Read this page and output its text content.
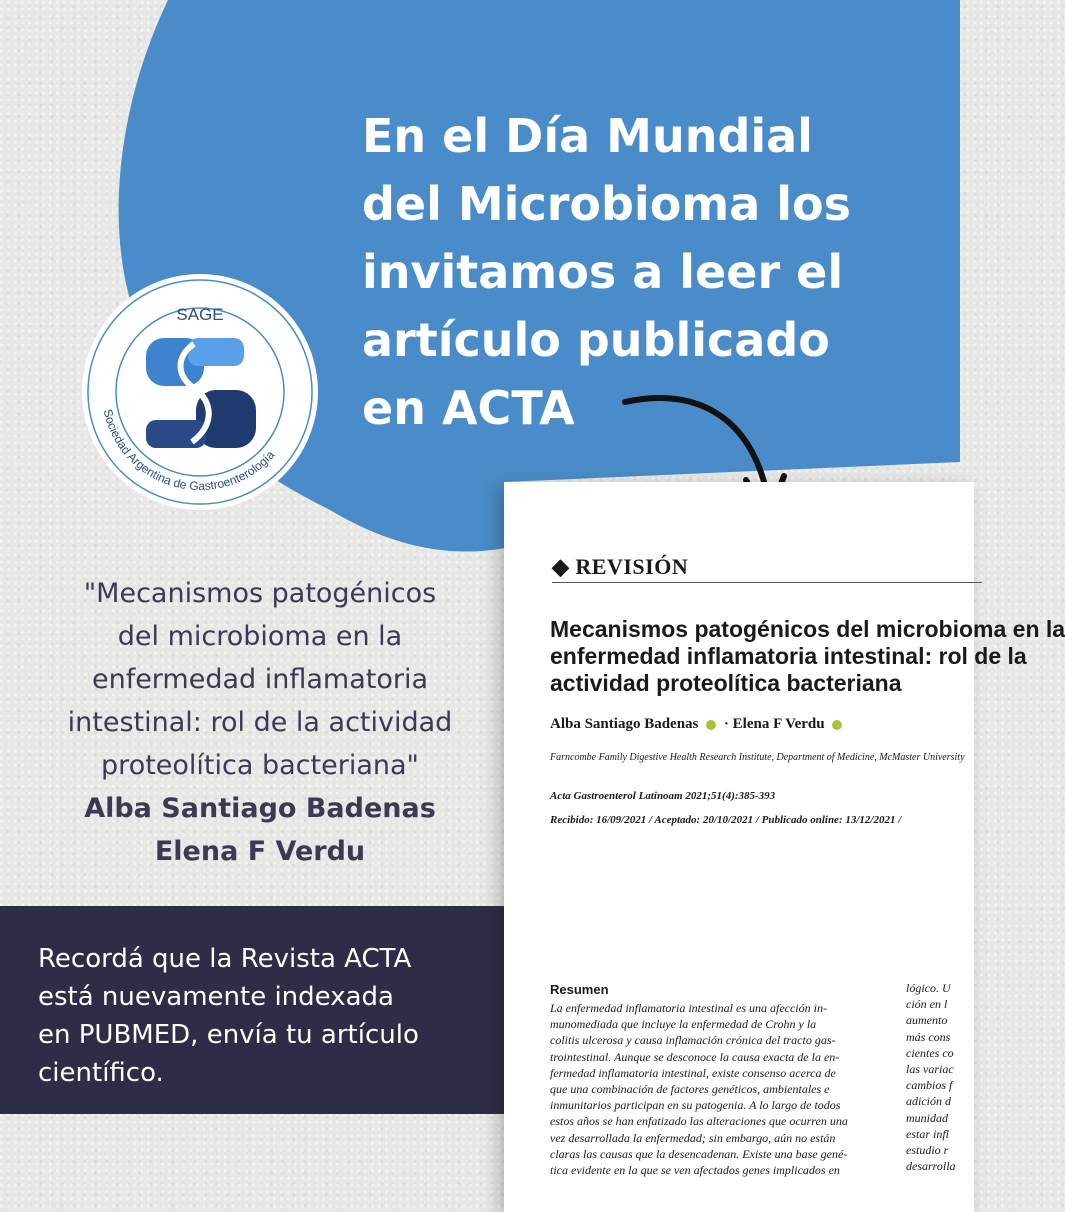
En el Día Mundial
del Microbioma los
invitamos a leer el
artículo publicado
en ACTA
SAGE
Sociedad Argentina de Gastroenterología
"Mecanismos patogénicos
del microbioma en la
enfermedad inflamatoria
intestinal: rol de la actividad
proteolítica bacteriana"
Alba Santiago Badenas
Elena F Verdu
Recordá que la Revista ACTA
está nuevamente indexada
en PUBMED, envía tu artículo
científico.
◆ REVISIÓN
Mecanismos patogénicos del microbioma en la
enfermedad inflamatoria intestinal: rol de la
actividad proteolítica bacteriana
Alba Santiago Badenas · Elena F Verdu
Farncombe Family Digestive Health Research Institute, Department of Medicine, McMaster University
Acta Gastroenterol Latinoam 2021;51(4):385-393
Recibido: 16/09/2021 / Aceptado: 20/10/2021 / Publicado online: 13/12/2021 /
Resumen
La enfermedad inflamatoria intestinal es una afección in-
munomediada que incluye la enfermedad de Crohn y la
colitis ulcerosa y causa inflamación crónica del tracto gas-
trointestinal. Aunque se desconoce la causa exacta de la en-
fermedad inflamatoria intestinal, existe consenso acerca de
que una combinación de factores genéticos, ambientales e
inmunitarios participan en su patogenia. A lo largo de todos
estos años se han enfatizado las alteraciones que ocurren una
vez desarrollada la enfermedad; sin embargo, aún no están
claras las causas que la desencadenan. Existe una base gené-
tica evidente en la que se ven afectados genes implicados en
lógico. U
ción en l
aumento
más cons
cientes co
las variac
cambios f
adición d
munidad
estar infl
estudio r
desarrolla
